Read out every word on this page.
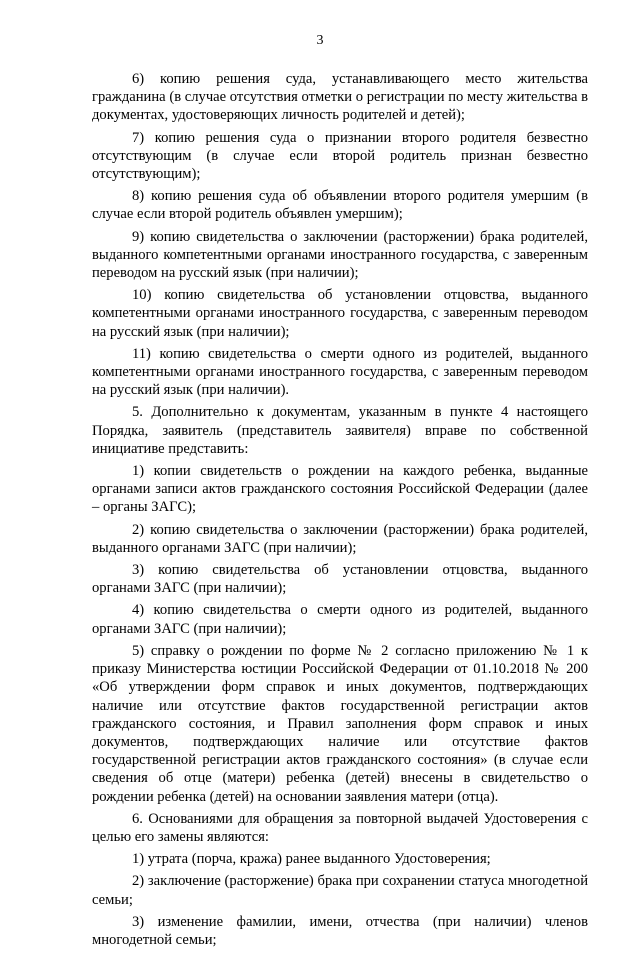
3

6) копию решения суда, устанавливающего место жительства гражданина (в случае отсутствия отметки о регистрации по месту жительства в документах, удостоверяющих личность родителей и детей);

7) копию решения суда о признании второго родителя безвестно отсутствующим (в случае если второй родитель признан безвестно отсутствующим);

8) копию решения суда об объявлении второго родителя умершим (в случае если второй родитель объявлен умершим);

9) копию свидетельства о заключении (расторжении) брака родителей, выданного компетентными органами иностранного государства, с заверенным переводом на русский язык (при наличии);

10) копию свидетельства об установлении отцовства, выданного компетентными органами иностранного государства, с заверенным переводом на русский язык (при наличии);

11) копию свидетельства о смерти одного из родителей, выданного компетентными органами иностранного государства, с заверенным переводом на русский язык (при наличии).

5. Дополнительно к документам, указанным в пункте 4 настоящего Порядка, заявитель (представитель заявителя) вправе по собственной инициативе представить:

1) копии свидетельств о рождении на каждого ребенка, выданные органами записи актов гражданского состояния Российской Федерации (далее – органы ЗАГС);

2) копию свидетельства о заключении (расторжении) брака родителей, выданного органами ЗАГС (при наличии);

3) копию свидетельства об установлении отцовства, выданного органами ЗАГС (при наличии);

4) копию свидетельства о смерти одного из родителей, выданного органами ЗАГС (при наличии);

5) справку о рождении по форме № 2 согласно приложению № 1 к приказу Министерства юстиции Российской Федерации от 01.10.2018 № 200 «Об утверждении форм справок и иных документов, подтверждающих наличие или отсутствие фактов государственной регистрации актов гражданского состояния, и Правил заполнения форм справок и иных документов, подтверждающих наличие или отсутствие фактов государственной регистрации актов гражданского состояния» (в случае если сведения об отце (матери) ребенка (детей) внесены в свидетельство о рождении ребенка (детей) на основании заявления матери (отца).

6. Основаниями для обращения за повторной выдачей Удостоверения с целью его замены являются:

1) утрата (порча, кража) ранее выданного Удостоверения;

2) заключение (расторжение) брака при сохранении статуса многодетной семьи;

3) изменение фамилии, имени, отчества (при наличии) членов многодетной семьи;
